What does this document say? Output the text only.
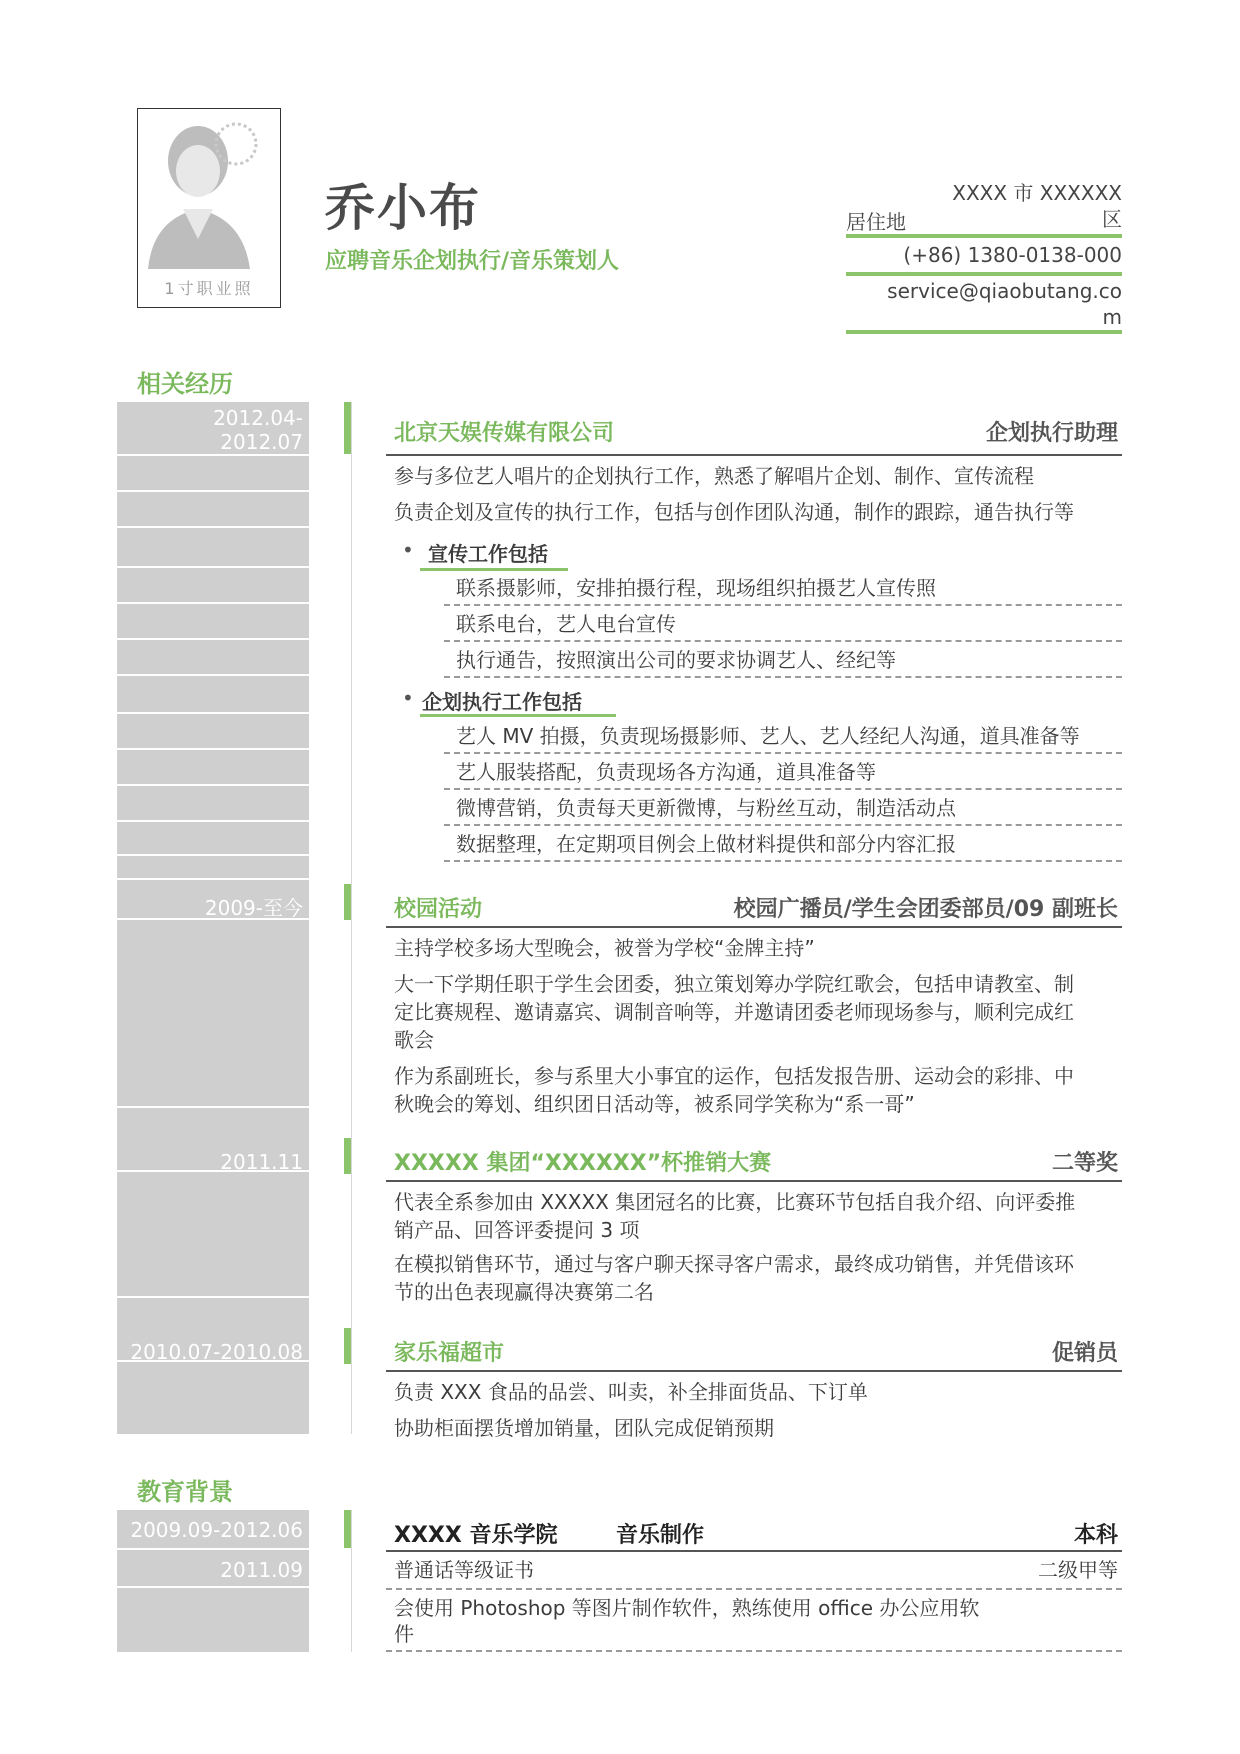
1寸职业照
乔小布
应聘音乐企划执行/音乐策划人
XXXX 市 XXXXXX
居住地	区
(+86) 1380-0138-000
service@qiaobutang.co
m
相关经历
2012.04-
2012.07	北京天娱传媒有限公司	企划执行助理
参与多位艺人唱片的企划执行工作，熟悉了解唱片企划、制作、宣传流程
负责企划及宣传的执行工作，包括与创作团队沟通，制作的跟踪，通告执行等
• 宣传工作包括
联系摄影师，安排拍摄行程，现场组织拍摄艺人宣传照
联系电台，艺人电台宣传
执行通告，按照演出公司的要求协调艺人、经纪等
• 企划执行工作包括
艺人 MV 拍摄，负责现场摄影师、艺人、艺人经纪人沟通，道具准备等
艺人服装搭配，负责现场各方沟通，道具准备等
微博营销，负责每天更新微博，与粉丝互动，制造活动点
数据整理，在定期项目例会上做材料提供和部分内容汇报
2009-至今	校园活动	校园广播员/学生会团委部员/09 副班长
主持学校多场大型晚会，被誉为学校“金牌主持”
大一下学期任职于学生会团委，独立策划筹办学院红歌会，包括申请教室、制
定比赛规程、邀请嘉宾、调制音响等，并邀请团委老师现场参与，顺利完成红
歌会
作为系副班长，参与系里大小事宜的运作，包括发报告册、运动会的彩排、中
秋晚会的筹划、组织团日活动等，被系同学笑称为“系一哥”
2011.11	XXXXX 集团“XXXXXX”杯推销大赛	二等奖
代表全系参加由 XXXXX 集团冠名的比赛，比赛环节包括自我介绍、向评委推
销产品、回答评委提问 3 项
在模拟销售环节，通过与客户聊天探寻客户需求，最终成功销售，并凭借该环
节的出色表现赢得决赛第二名
2010.07-2010.08	家乐福超市	促销员
负责 XXX 食品的品尝、叫卖，补全排面货品、下订单
协助柜面摆货增加销量，团队完成促销预期
教育背景
2009.09-2012.06	XXXX 音乐学院	音乐制作	本科
2011.09	普通话等级证书	二级甲等
会使用 Photoshop 等图片制作软件，熟练使用 office 办公应用软
件
